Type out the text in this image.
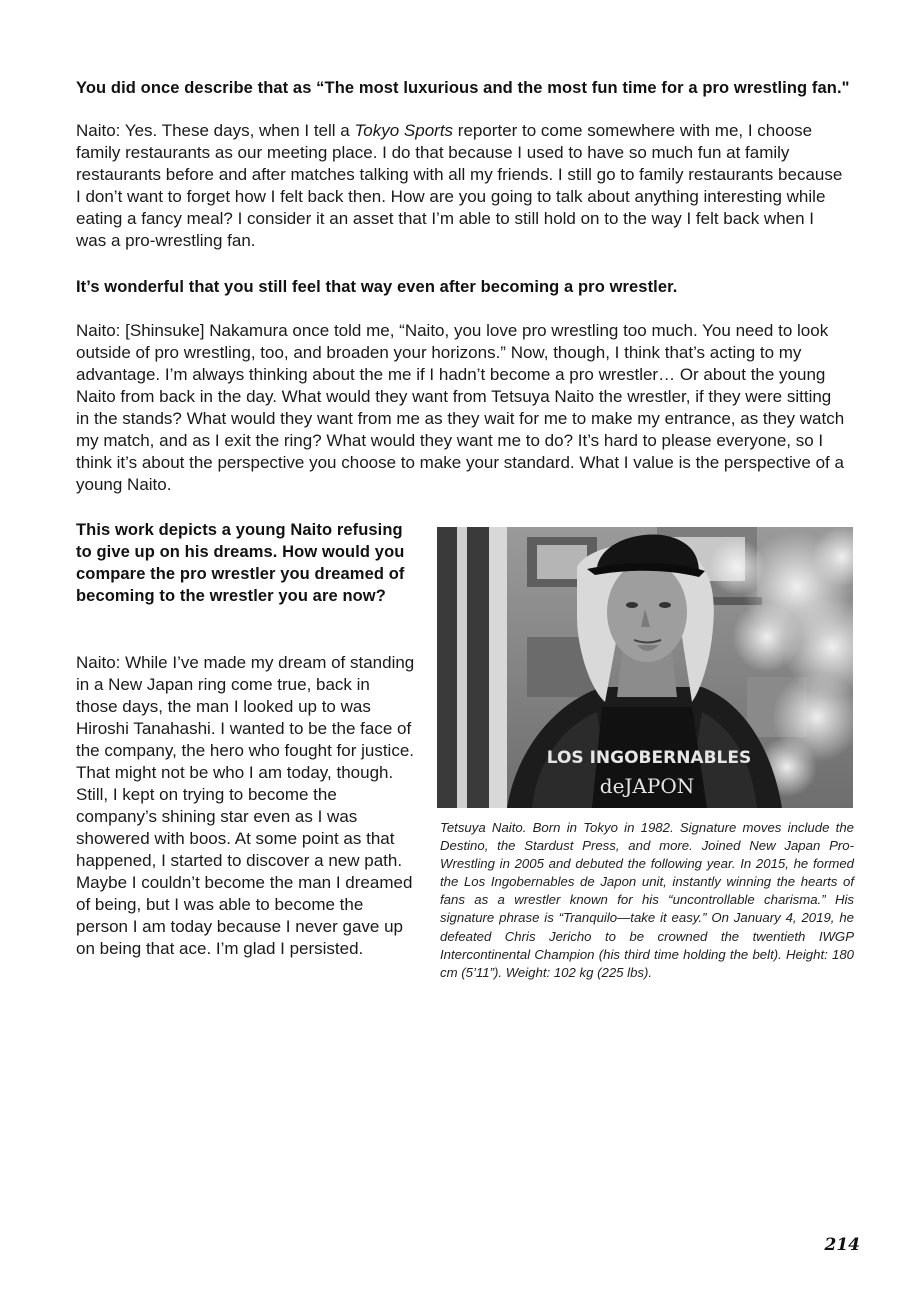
You did once describe that as “The most luxurious and the most fun time for a pro wrestling fan."

Naito: Yes. These days, when I tell a Tokyo Sports reporter to come somewhere with me, I choose family restaurants as our meeting place. I do that because I used to have so much fun at family restaurants before and after matches talking with all my friends. I still go to family restaurants because I don’t want to forget how I felt back then. How are you going to talk about anything interesting while eating a fancy meal? I consider it an asset that I’m able to still hold on to the way I felt back when I was a pro-wrestling fan.

It’s wonderful that you still feel that way even after becoming a pro wrestler.

Naito: [Shinsuke] Nakamura once told me, “Naito, you love pro wrestling too much. You need to look outside of pro wrestling, too, and broaden your horizons.” Now, though, I think that’s acting to my advantage. I’m always thinking about the me if I hadn’t become a pro wrestler… Or about the young Naito from back in the day. What would they want from Tetsuya Naito the wrestler, if they were sitting in the stands? What would they want from me as they wait for me to make my entrance, as they watch my match, and as I exit the ring? What would they want me to do? It’s hard to please everyone, so I think it’s about the perspective you choose to make your standard. What I value is the perspective of a young Naito.

This work depicts a young Naito refusing to give up on his dreams. How would you compare the pro wrestler you dreamed of becoming to the wrestler you are now?

Naito: While I’ve made my dream of standing in a New Japan ring come true, back in those days, the man I looked up to was Hiroshi Tanahashi. I wanted to be the face of the company, the hero who fought for justice. That might not be who I am today, though. Still, I kept on trying to become the company’s shining star even as I was showered with boos. At some point as that happened, I started to discover a new path. Maybe I couldn’t become the man I dreamed of being, but I was able to become the person I am today because I never gave up on being that ace. I’m glad I persisted.

LOS INGOBERNABLES
deJAPON

Tetsuya Naito. Born in Tokyo in 1982. Signature moves include the Destino, the Stardust Press, and more. Joined New Japan Pro-Wrestling in 2005 and debuted the following year. In 2015, he formed the Los Ingobernables de Japon unit, instantly winning the hearts of fans as a wrestler known for his “uncontrollable charisma.” His signature phrase is “Tranquilo—take it easy.” On January 4, 2019, he defeated Chris Jericho to be crowned the twentieth IWGP Intercontinental Champion (his third time holding the belt). Height: 180 cm (5’11”). Weight: 102 kg (225 lbs).

214
